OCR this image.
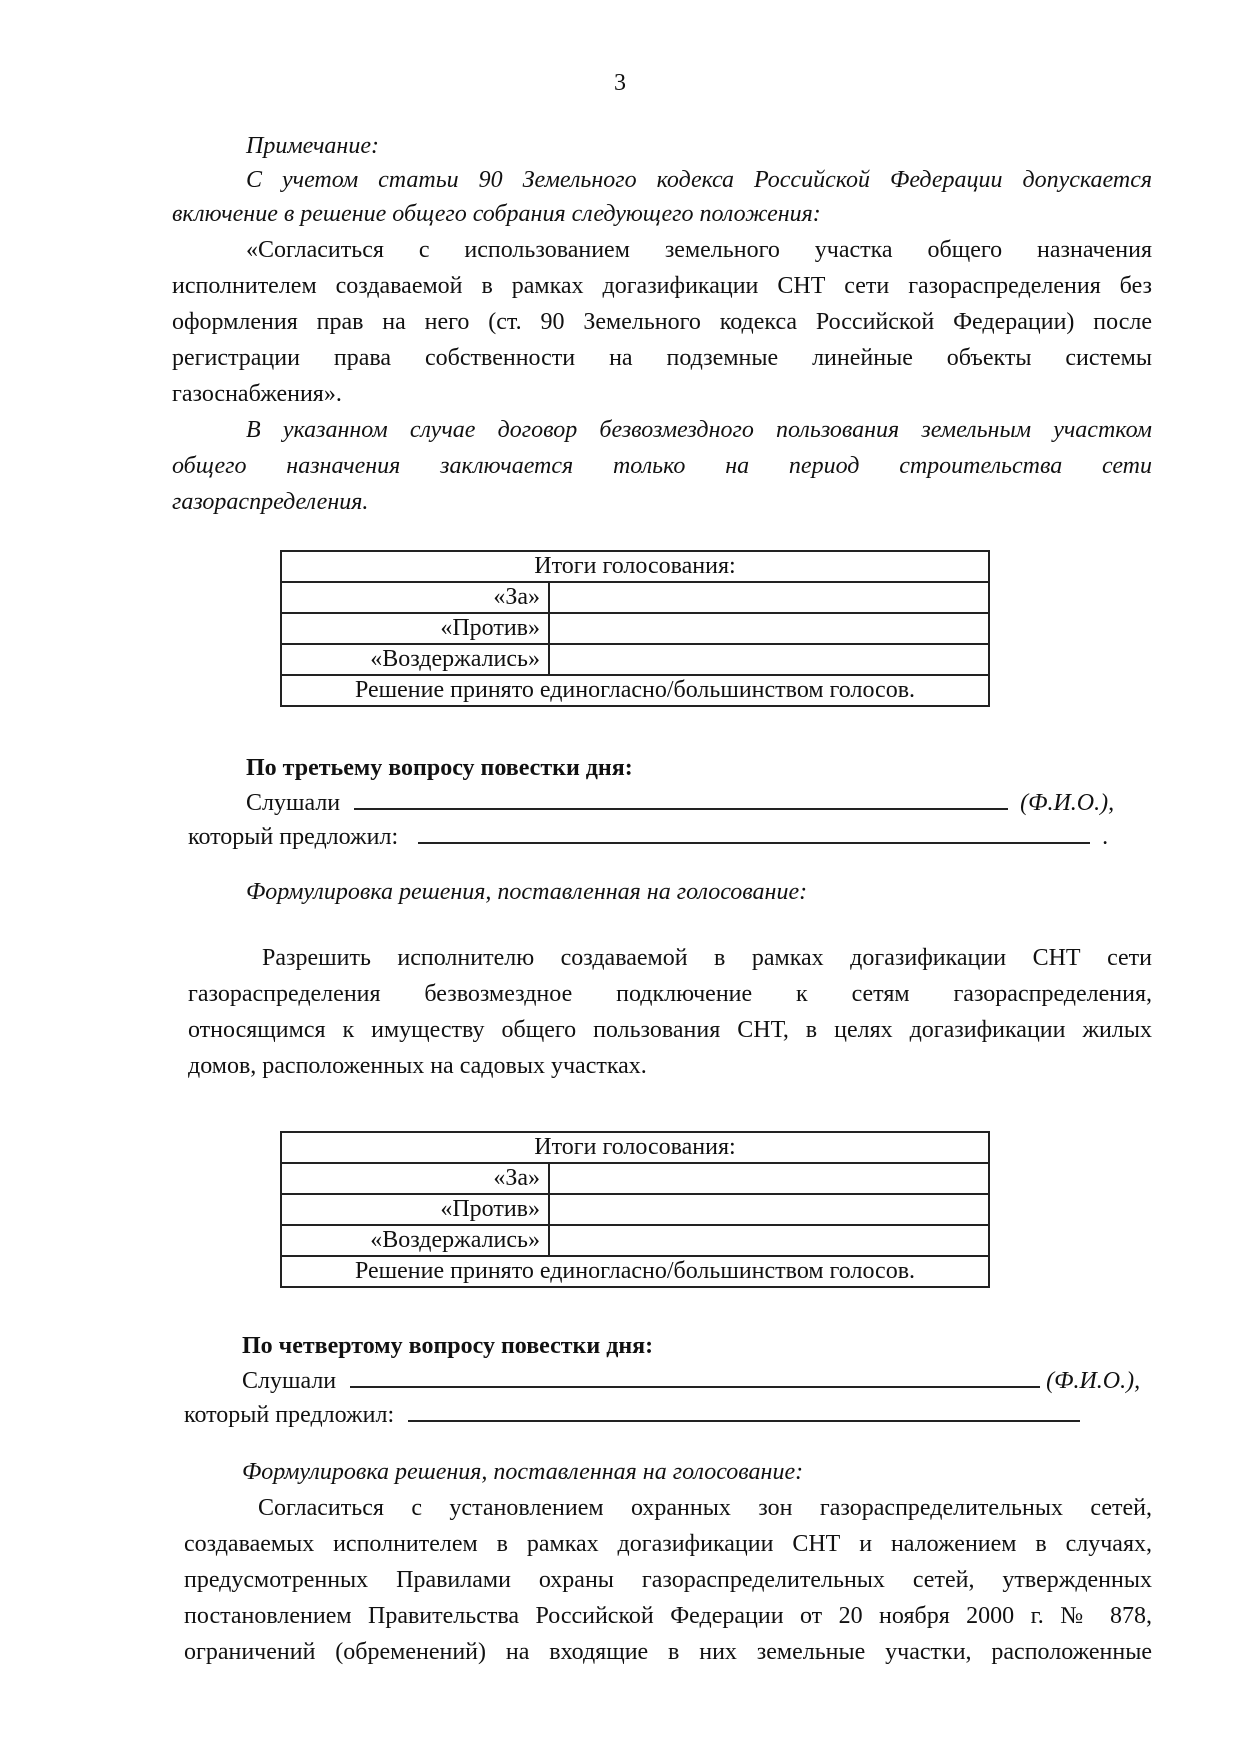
3
Примечание:
С учетом статьи 90 Земельного кодекса Российской Федерации допускается
включение в решение общего собрания следующего положения:
«Согласиться с использованием земельного участка общего назначения
исполнителем создаваемой в рамках догазификации СНТ сети газораспределения без
оформления прав на него (ст. 90 Земельного кодекса Российской Федерации) после
регистрации права собственности на подземные линейные объекты системы
газоснабжения».
В указанном случае договор безвозмездного пользования земельным участком
общего назначения заключается только на период строительства сети
газораспределения.
Итоги голосования:	
«За»	
«Против»	
«Воздержались»	
Решение принято единогласно/большинством голосов.	
По третьему вопросу повестки дня:
Слушали	(Ф.И.О.),
который предложил:	.
Формулировка решения, поставленная на голосование:
Разрешить исполнителю создаваемой в рамках догазификации СНТ сети
газораспределения безвозмездное подключение к сетям газораспределения,
относящимся к имуществу общего пользования СНТ, в целях догазификации жилых
домов, расположенных на садовых участках.
Итоги голосования:	
«За»	
«Против»	
«Воздержались»	
Решение принято единогласно/большинством голосов.	
По четвертому вопросу повестки дня:
Слушали	(Ф.И.О.),
который предложил:
Формулировка решения, поставленная на голосование:
Согласиться с установлением охранных зон газораспределительных сетей,
создаваемых исполнителем в рамках догазификации СНТ и наложением в случаях,
предусмотренных Правилами охраны газораспределительных сетей, утвержденных
постановлением Правительства Российской Федерации от 20 ноября 2000 г. № 878,
ограничений (обременений) на входящие в них земельные участки, расположенные
